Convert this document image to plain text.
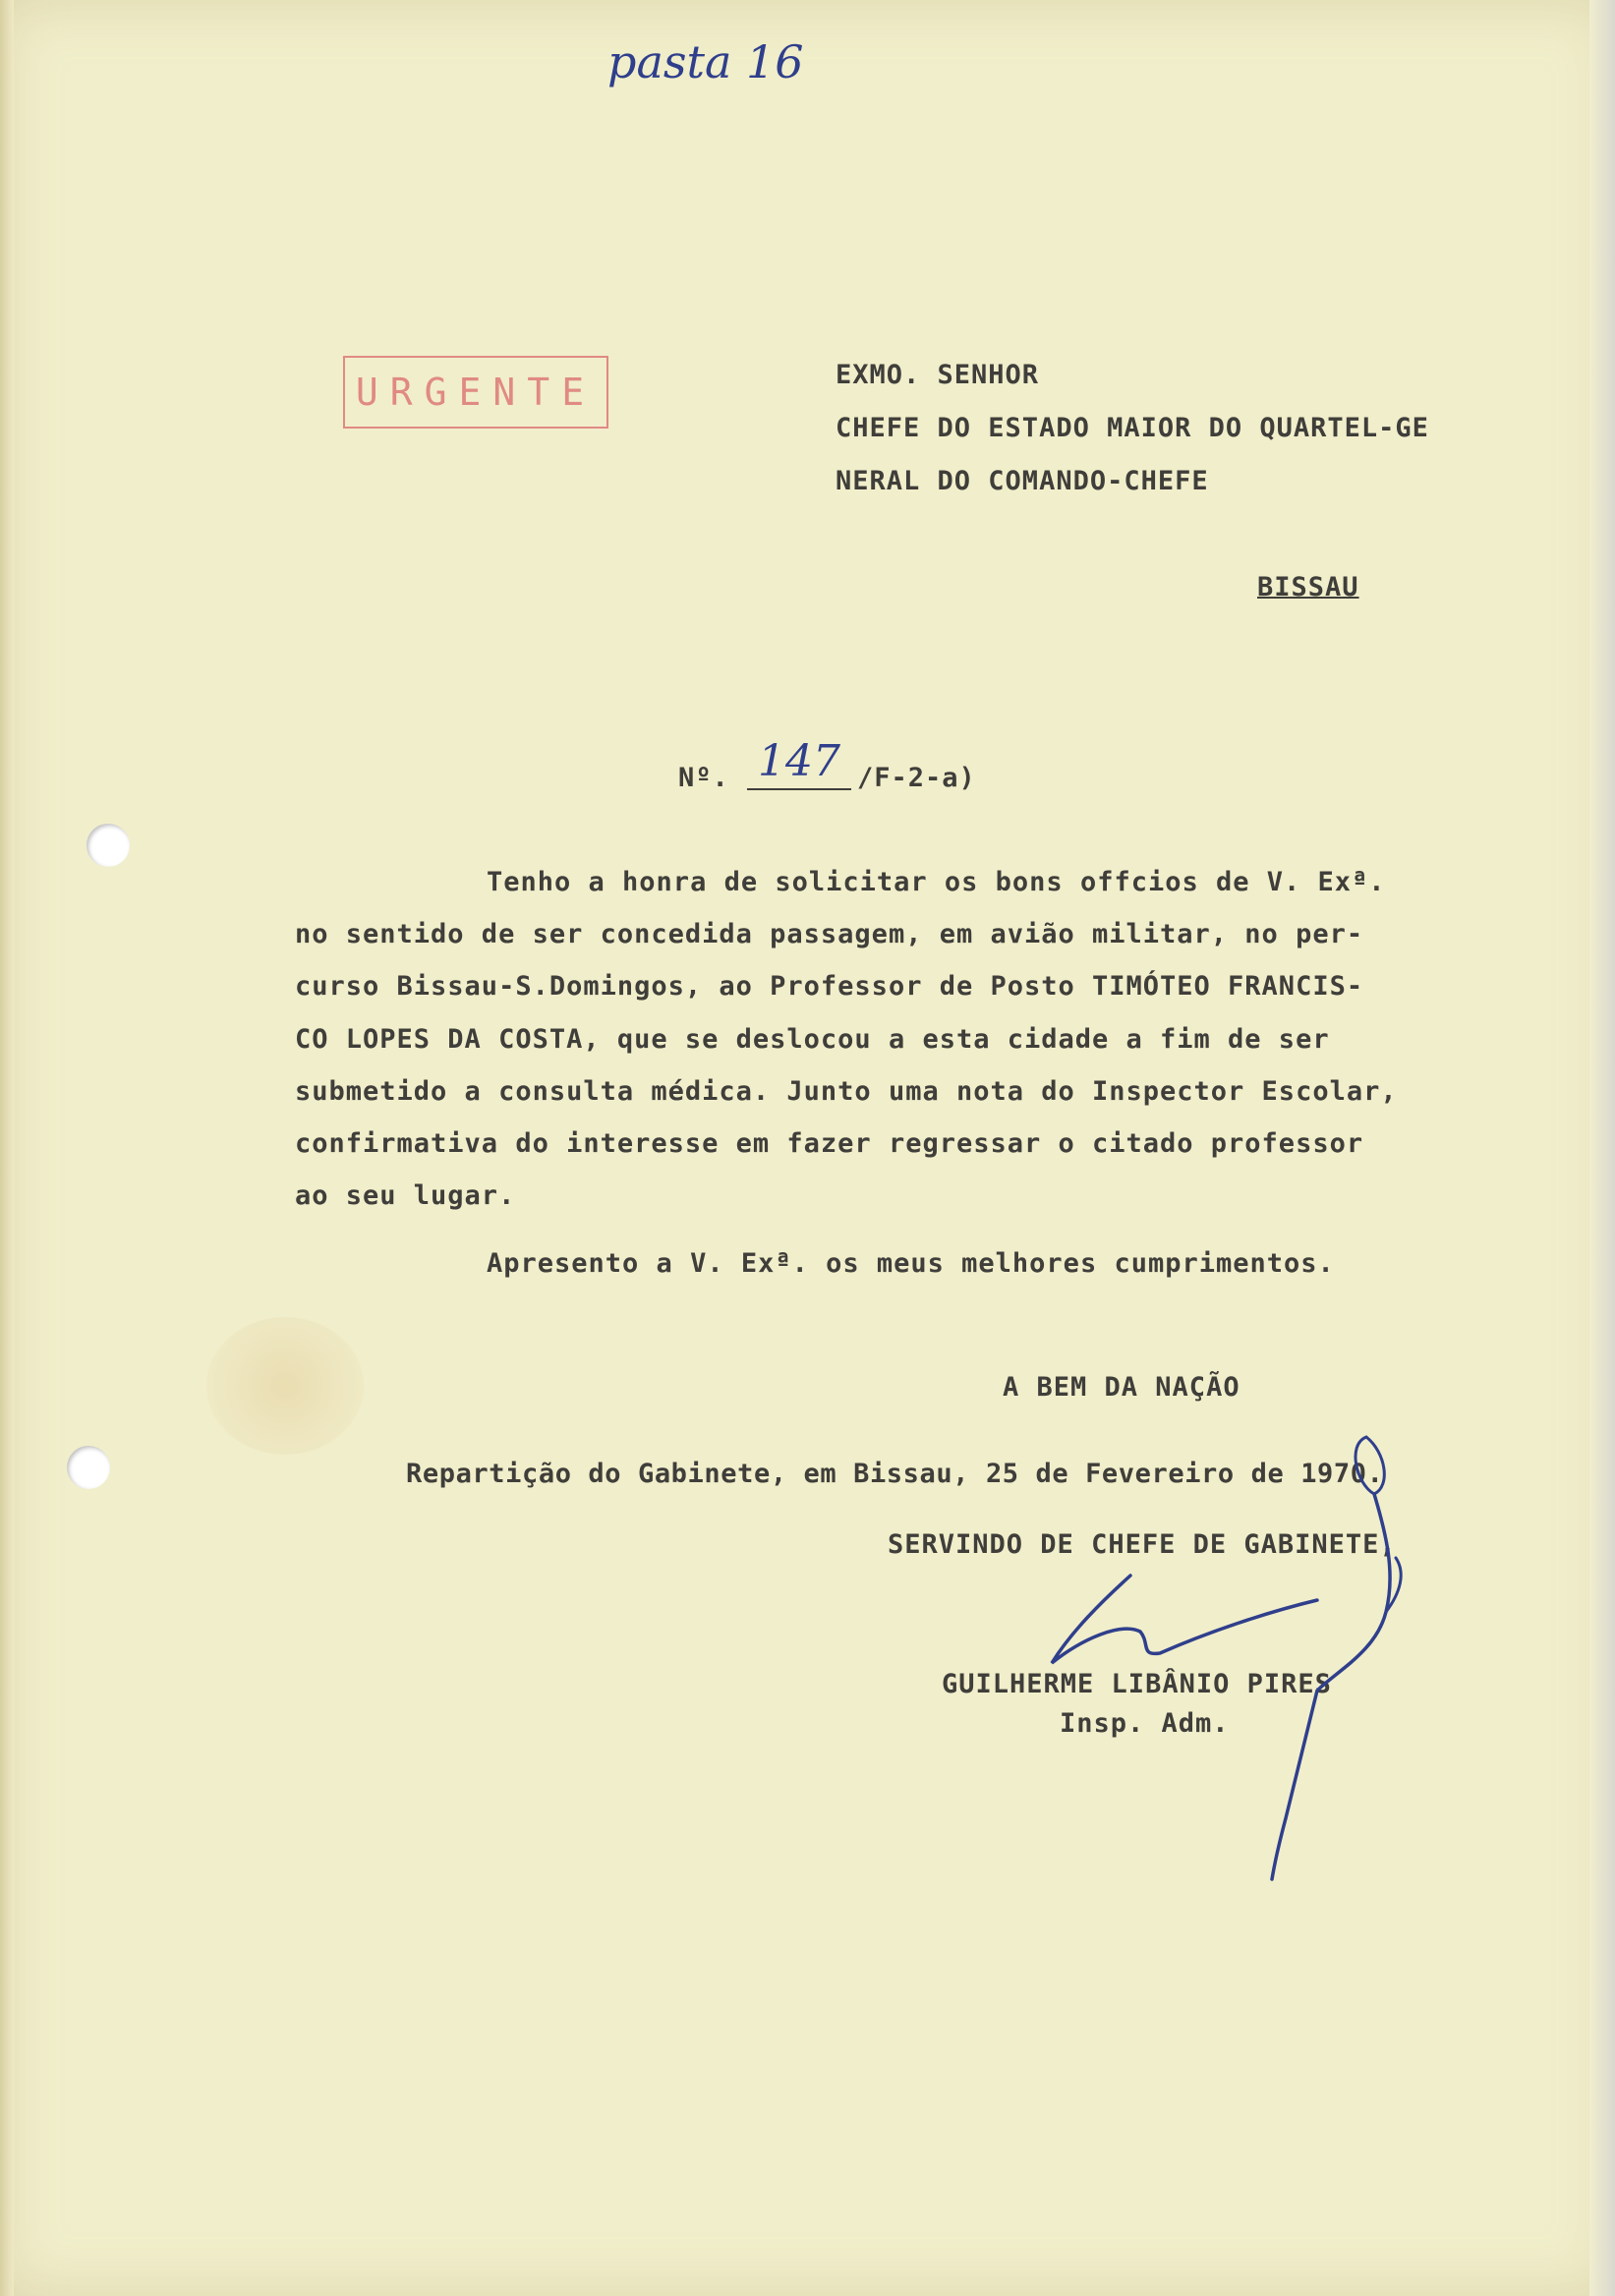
pasta 16
URGENTE	EXMO. SENHOR
CHEFE DO ESTADO MAIOR DO QUARTEL-GE
NERAL DO COMANDO-CHEFE
BISSAU
Nº. 147 /F-2-a)
Tenho a honra de solicitar os bons offcios de V. Exª.
no sentido de ser concedida passagem, em avião militar, no per-
curso Bissau-S.Domingos, ao Professor de Posto TIMÓTEO FRANCIS-
CO LOPES DA COSTA, que se deslocou a esta cidade a fim de ser
submetido a consulta médica. Junto uma nota do Inspector Escolar,
confirmativa do interesse em fazer regressar o citado professor
ao seu lugar.
Apresento a V. Exª. os meus melhores cumprimentos.
A BEM DA NAÇÃO
Repartição do Gabinete, em Bissau, 25 de Fevereiro de 1970.
SERVINDO DE CHEFE DE GABINETE,
GUILHERME LIBÂNIO PIRES
Insp. Adm.
